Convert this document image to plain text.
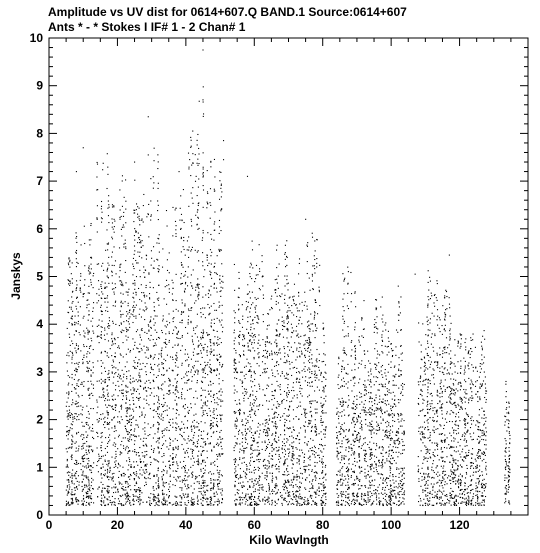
Amplitude vs UV dist for 0614+607.Q BAND.1 Source:0614+607
Ants * - * Stokes I IF# 1 - 2 Chan# 1
0	20	40	60	80	100	120
0
1
2
3
4
5
6
7
8
9
10
Kilo Wavlngth
Janskys
